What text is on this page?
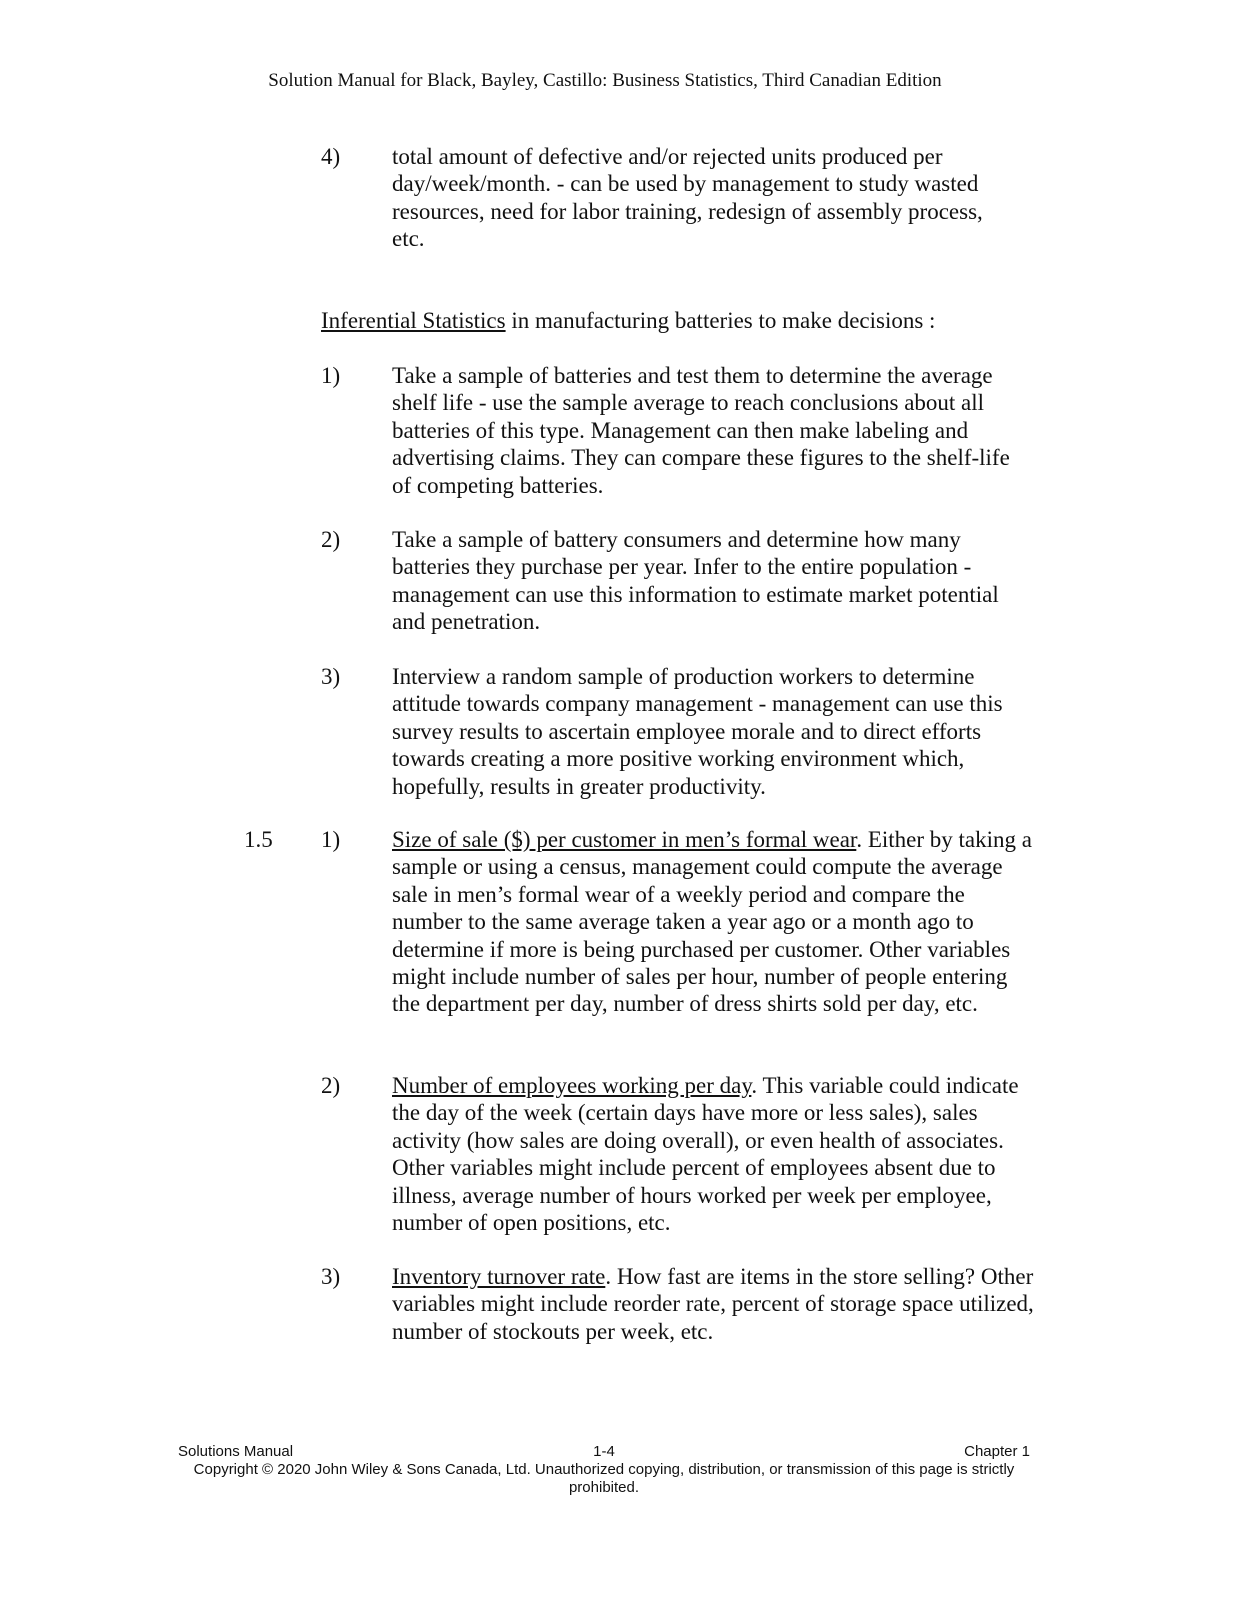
Solution Manual for Black, Bayley, Castillo: Business Statistics, Third Canadian Edition
4) total amount of defective and/or rejected units produced per day/week/month. - can be used by management to study wasted resources, need for labor training, redesign of assembly process, etc.
Inferential Statistics in manufacturing batteries to make decisions :
1) Take a sample of batteries and test them to determine the average shelf life - use the sample average to reach conclusions about all batteries of this type. Management can then make labeling and advertising claims. They can compare these figures to the shelf-life of competing batteries.
2) Take a sample of battery consumers and determine how many batteries they purchase per year. Infer to the entire population - management can use this information to estimate market potential and penetration.
3) Interview a random sample of production workers to determine attitude towards company management - management can use this survey results to ascertain employee morale and to direct efforts towards creating a more positive working environment which, hopefully, results in greater productivity.
1.5 1) Size of sale ($) per customer in men’s formal wear. Either by taking a sample or using a census, management could compute the average sale in men’s formal wear of a weekly period and compare the number to the same average taken a year ago or a month ago to determine if more is being purchased per customer. Other variables might include number of sales per hour, number of people entering the department per day, number of dress shirts sold per day, etc.
2) Number of employees working per day. This variable could indicate the day of the week (certain days have more or less sales), sales activity (how sales are doing overall), or even health of associates. Other variables might include percent of employees absent due to illness, average number of hours worked per week per employee, number of open positions, etc.
3) Inventory turnover rate. How fast are items in the store selling? Other variables might include reorder rate, percent of storage space utilized, number of stockouts per week, etc.
Solutions Manual	1-4	Chapter 1
Copyright © 2020 John Wiley & Sons Canada, Ltd. Unauthorized copying, distribution, or transmission of this page is strictly prohibited.
